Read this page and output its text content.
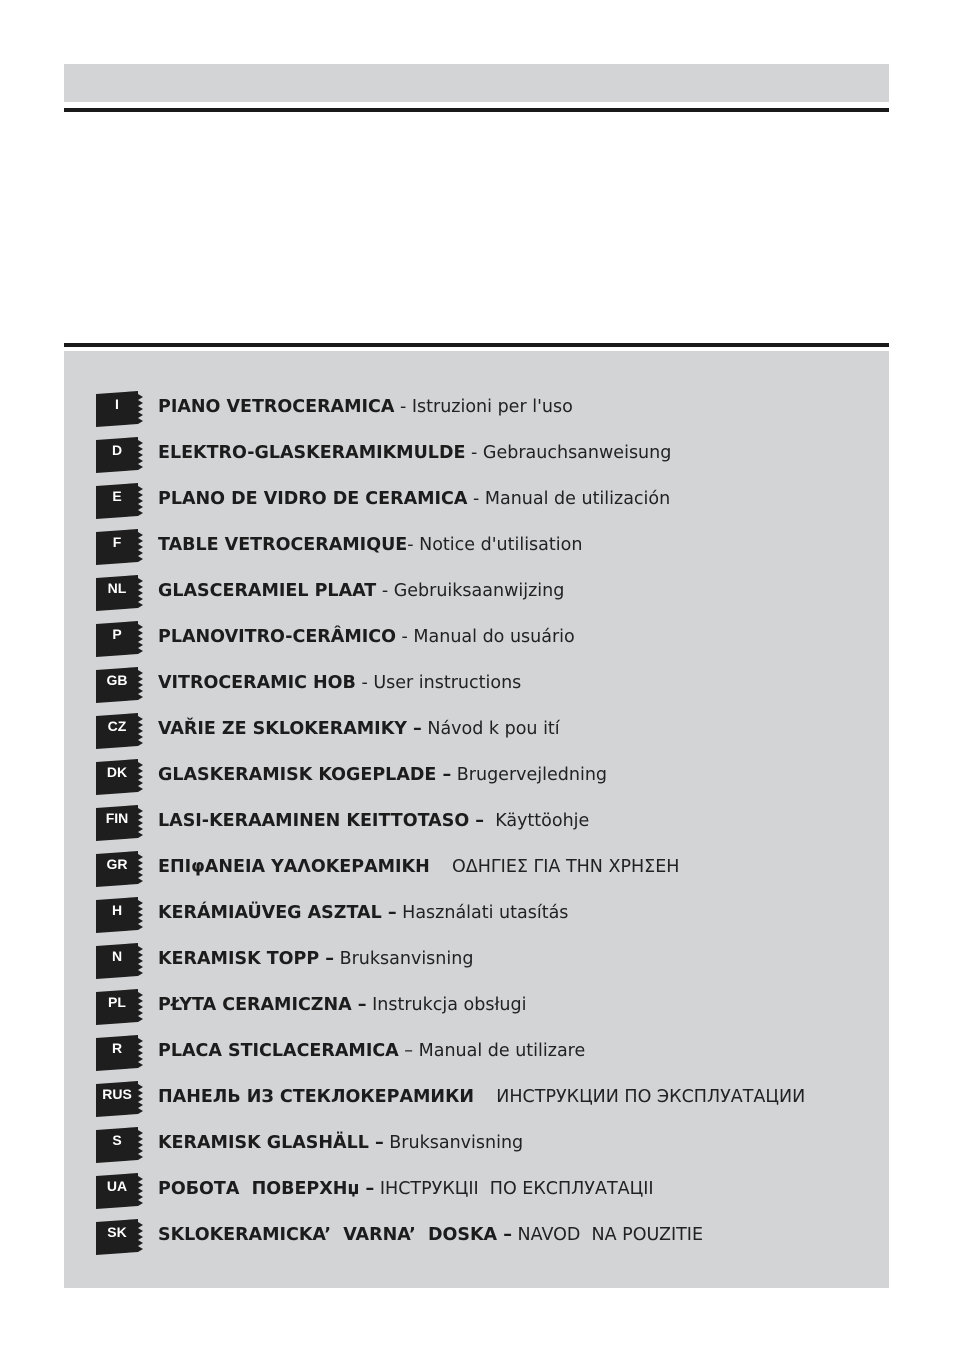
I	PIANO VETROCERAMICA - Istruzioni per l'uso
D	ELEKTRO-GLASKERAMIKMULDE - Gebrauchsanweisung
E	PLANO DE VIDRO DE CERAMICA - Manual de utilización
F	TABLE VETROCERAMIQUE- Notice d'utilisation
NL	GLASCERAMIEL PLAAT - Gebruiksaanwijzing
P	PLANOVITRO-CERÂMICO - Manual do usuário
GB	VITROCERAMIC HOB - User instructions
CZ	VAŘIE ZE SKLOKERAMIKY – Návod k pou ití
DK	GLASKERAMISK KOGEPLADE – Brugervejledning
FIN	LASI-KERAAMINEN KEITTOTASO – Käyttöohje
GR	ΕΠΙφΑΝΕΙΑ ΥΑΛΟΚΕΡΑΜΙΚΗ ΟΔΗΓΙΕΣ ΓΙΑ ΤΗΝ ΧΡΗΣΕΗ
H	KERÁMIAÜVEG ASZTAL – Használati utasítás
N	KERAMISK TOPP – Bruksanvisning
PL	PŁYTA CERAMICZNA – Instrukcja obsługi
R	PLACA STICLACERAMICA – Manual de utilizare
RUS	ПАНЕЛЬ ИЗ СТЕКЛОКЕРАМИКИ ИНСТРУКЦИИ ПО ЭКСПЛУАТАЦИИ
S	KERAMISK GLASHÄLL – Bruksanvisning
UA	РОБОТА  ПОВЕРХНџ – ІНСТРУКЦІІ  ПО ЕКСПЛУАТАЦІІ
SK	SKLOKERAMICKA’  VARNA’  DOSKA – NAVOD  NA POUZITIE
